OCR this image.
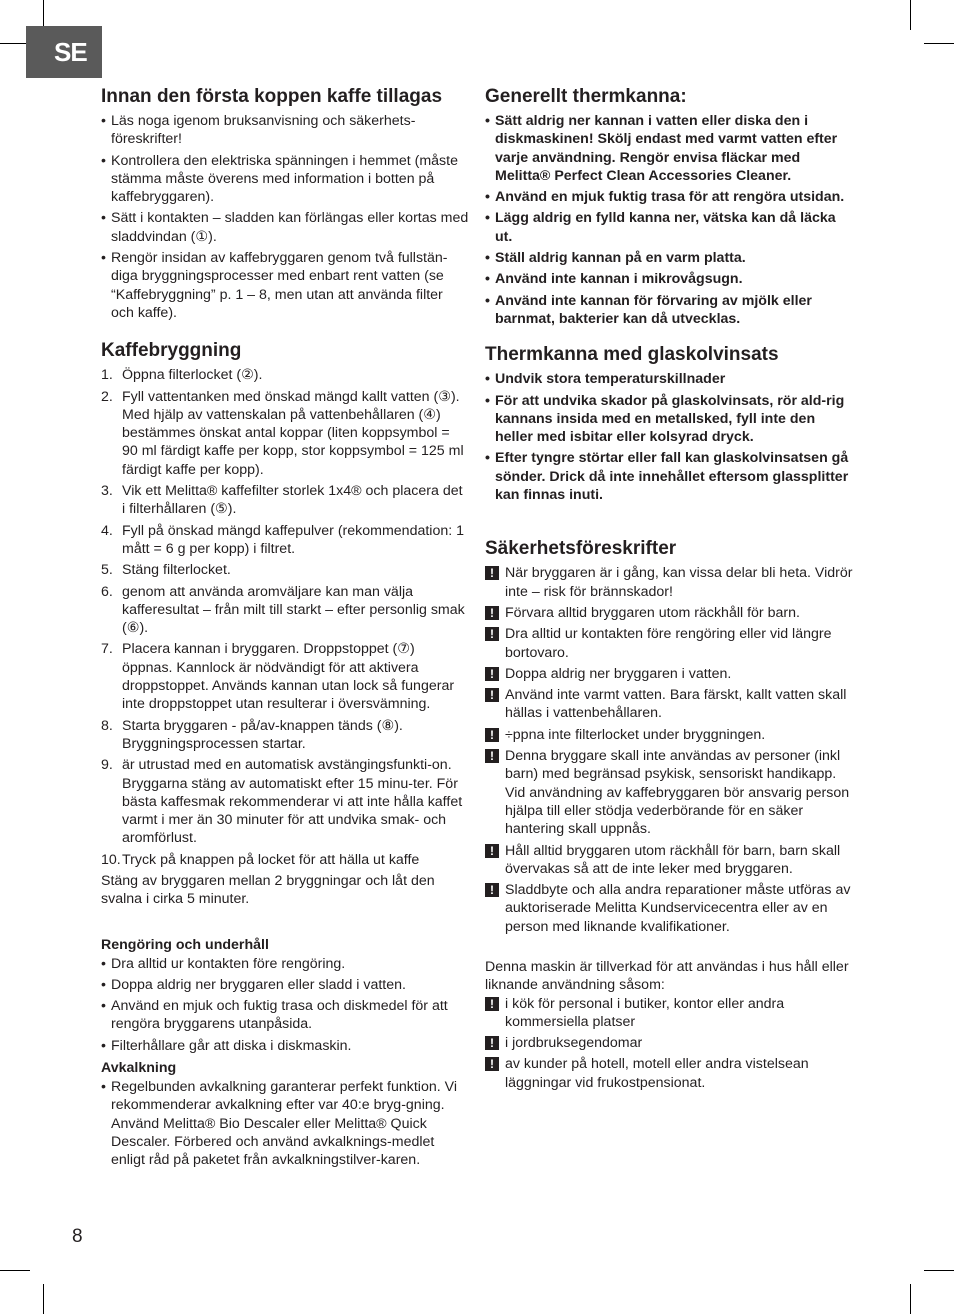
SE
Innan den första koppen kaffe tillagas
• Läs noga igenom bruksanvisning och säkerhets-föreskrifter!
• Kontrollera den elektriska spänningen i hemmet (måste stämma måste överens med information i botten på kaffebryggaren).
• Sätt i kontakten – sladden kan förlängas eller kortas med sladdvindan (①).
• Rengör insidan av kaffebryggaren genom två fullstän-diga bryggningsprocesser med enbart rent vatten (se “Kaffebryggning” p. 1 – 8, men utan att använda filter och kaffe).
Kaffebryggning
1. Öppna filterlocket (②).
2. Fyll vattentanken med önskad mängd kallt vatten (③). Med hjälp av vattenskalan på vattenbehållaren (④) bestämmes önskat antal koppar (liten koppsymbol = 90 ml färdigt kaffe per kopp, stor koppsymbol = 125 ml färdigt kaffe per kopp).
3. Vik ett Melitta® kaffefilter storlek 1x4® och placera det i filterhållaren (⑤).
4. Fyll på önskad mängd kaffepulver (rekommendation: 1 mått = 6 g per kopp) i filtret.
5. Stäng filterlocket.
6. genom att använda aromväljare kan man välja kafferesultat – från milt till starkt – efter personlig smak (⑥).
7. Placera kannan i bryggaren. Droppstoppet (⑦) öppnas. Kannlock är nödvändigt för att aktivera droppstoppet. Används kannan utan lock så fungerar inte droppstoppet utan resulterar i översvämning.
8. Starta bryggaren - på/av-knappen tänds (⑧). Bryggningsprocessen startar.
9. är utrustad med en automatisk avstängingsfunkti-on. Bryggarna stäng av automatiskt efter 15 minu-ter. För bästa kaffesmak rekommenderar vi att inte hålla kaffet varmt i mer än 30 minuter för att undvika smak- och aromförlust.
10. Tryck på knappen på locket för att hälla ut kaffe

Stäng av bryggaren mellan 2 bryggningar och låt den svalna i cirka 5 minuter.

Rengöring och underhåll
• Dra alltid ur kontakten före rengöring.
• Doppa aldrig ner bryggaren eller sladd i vatten.
• Använd en mjuk och fuktig trasa och diskmedel för att rengöra bryggarens utanpåsida.
• Filterhållare går att diska i diskmaskin.
Avkalkning
• Regelbunden avkalkning garanterar perfekt funktion. Vi rekommenderar avkalkning efter var 40:e bryg-gning. Använd Melitta® Bio Descaler eller Melitta® Quick Descaler. Förbered och använd avkalknings-medlet enligt råd på paketet från avkalkningstilver-karen.
Generellt thermkanna:
• Sätt aldrig ner kannan i vatten eller diska den i diskmaskinen! Skölj endast med varmt vatten efter varje användning. Rengör envisa fläckar med Melitta® Perfect Clean Accessories Cleaner.
• Använd en mjuk fuktig trasa för att rengöra utsidan.
• Lägg aldrig en fylld kanna ner, vätska kan då läcka ut.
• Ställ aldrig kannan på en varm platta.
• Använd inte kannan i mikrovågsugn.
• Använd inte kannan för förvaring av mjölk eller barnmat, bakterier kan då utvecklas.
Thermkanna med glaskolvinsats
• Undvik stora temperaturskillnader
• För att undvika skador på glaskolvinsats, rör ald-rig kannans insida med en metallsked, fyll inte den heller med isbitar eller kolsyrad dryck.
• Efter tyngre störtar eller fall kan glaskolvinsatsen gå sönder. Drick då inte innehållet eftersom glassplitter kan finnas inuti.
Säkerhetsföreskrifter
! När bryggaren är i gång, kan vissa delar bli heta. Vidrör inte – risk för brännskador!
! Förvara alltid bryggaren utom räckhåll för barn.
! Dra alltid ur kontakten före rengöring eller vid längre bortovaro.
! Doppa aldrig ner bryggaren i vatten.
! Använd inte varmt vatten. Bara färskt, kallt vatten skall hällas i vattenbehållaren.
! ÷ppna inte filterlocket under bryggningen.
! Denna bryggare skall inte användas av personer (inkl barn) med begränsad psykisk, sensoriskt handikapp. Vid användning av kaffebryggaren bör ansvarig person hjälpa till eller stödja vederbörande för en säker hantering skall uppnås.
! Håll alltid bryggaren utom räckhåll för barn, barn skall övervakas så att de inte leker med bryggaren.
! Sladdbyte och alla andra reparationer måste utföras av auktoriserade Melitta Kundservicecentra eller av en person med liknande kvalifikationer.

Denna maskin är tillverkad för att användas i hus håll eller liknande användning såsom:

! i kök för personal i butiker, kontor eller andra kommersiella platser
! i jordbruksegendomar
! av kunder på hotell, motell eller andra vistelsean läggningar vid frukostpensionat.
8
